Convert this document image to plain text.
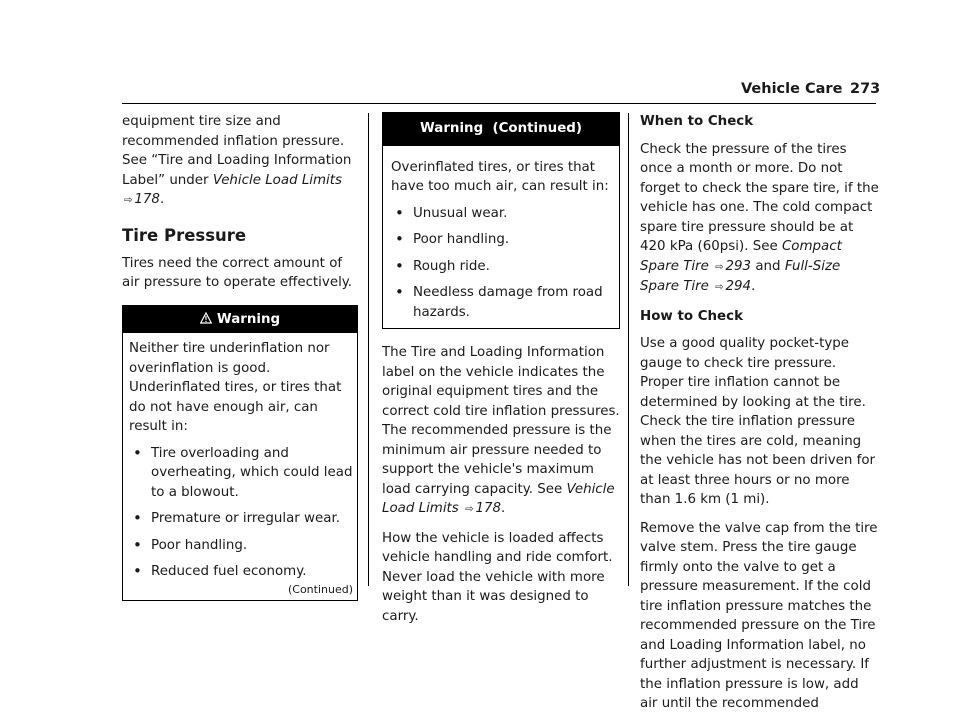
Vehicle Care 273

equipment tire size and recommended inflation pressure. See “Tire and Loading Information Label” under Vehicle Load Limits ⇨ 178.

Tire Pressure

Tires need the correct amount of air pressure to operate effectively.

Warning

Neither tire underinflation nor overinflation is good. Underinflated tires, or tires that do not have enough air, can result in:

• Tire overloading and overheating, which could lead to a blowout.
• Premature or irregular wear.
• Poor handling.
• Reduced fuel economy.
(Continued)
Warning  (Continued)

Overinflated tires, or tires that have too much air, can result in:

• Unusual wear.
• Poor handling.
• Rough ride.
• Needless damage from road hazards.

The Tire and Loading Information label on the vehicle indicates the original equipment tires and the correct cold tire inflation pressures. The recommended pressure is the minimum air pressure needed to support the vehicle's maximum load carrying capacity. See Vehicle Load Limits ⇨ 178.

How the vehicle is loaded affects vehicle handling and ride comfort. Never load the vehicle with more weight than it was designed to carry.

When to Check

Check the pressure of the tires once a month or more. Do not forget to check the spare tire, if the vehicle has one. The cold compact spare tire pressure should be at 420 kPa (60psi). See Compact Spare Tire ⇨ 293 and Full-Size Spare Tire ⇨ 294.

How to Check

Use a good quality pocket-type gauge to check tire pressure. Proper tire inflation cannot be determined by looking at the tire. Check the tire inflation pressure when the tires are cold, meaning the vehicle has not been driven for at least three hours or no more than 1.6 km (1 mi).

Remove the valve cap from the tire valve stem. Press the tire gauge firmly onto the valve to get a pressure measurement. If the cold tire inflation pressure matches the recommended pressure on the Tire and Loading Information label, no further adjustment is necessary. If the inflation pressure is low, add air until the recommended
